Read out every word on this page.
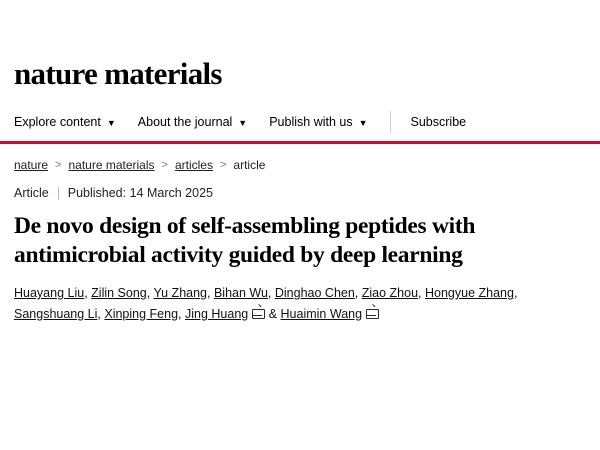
nature materials
Explore content ▼ About the journal ▼ Publish with us ▼	Subscribe
nature > nature materials > articles > article
Article Published: 14 March 2025
De novo design of self-assembling peptides with antimicrobial activity guided by deep learning
Huayang Liu, Zilin Song, Yu Zhang, Bihan Wu, Dinghao Chen, Ziao Zhou, Hongyue Zhang, Sangshuang Li, Xinping Feng, Jing Huang & Huaimin Wang
